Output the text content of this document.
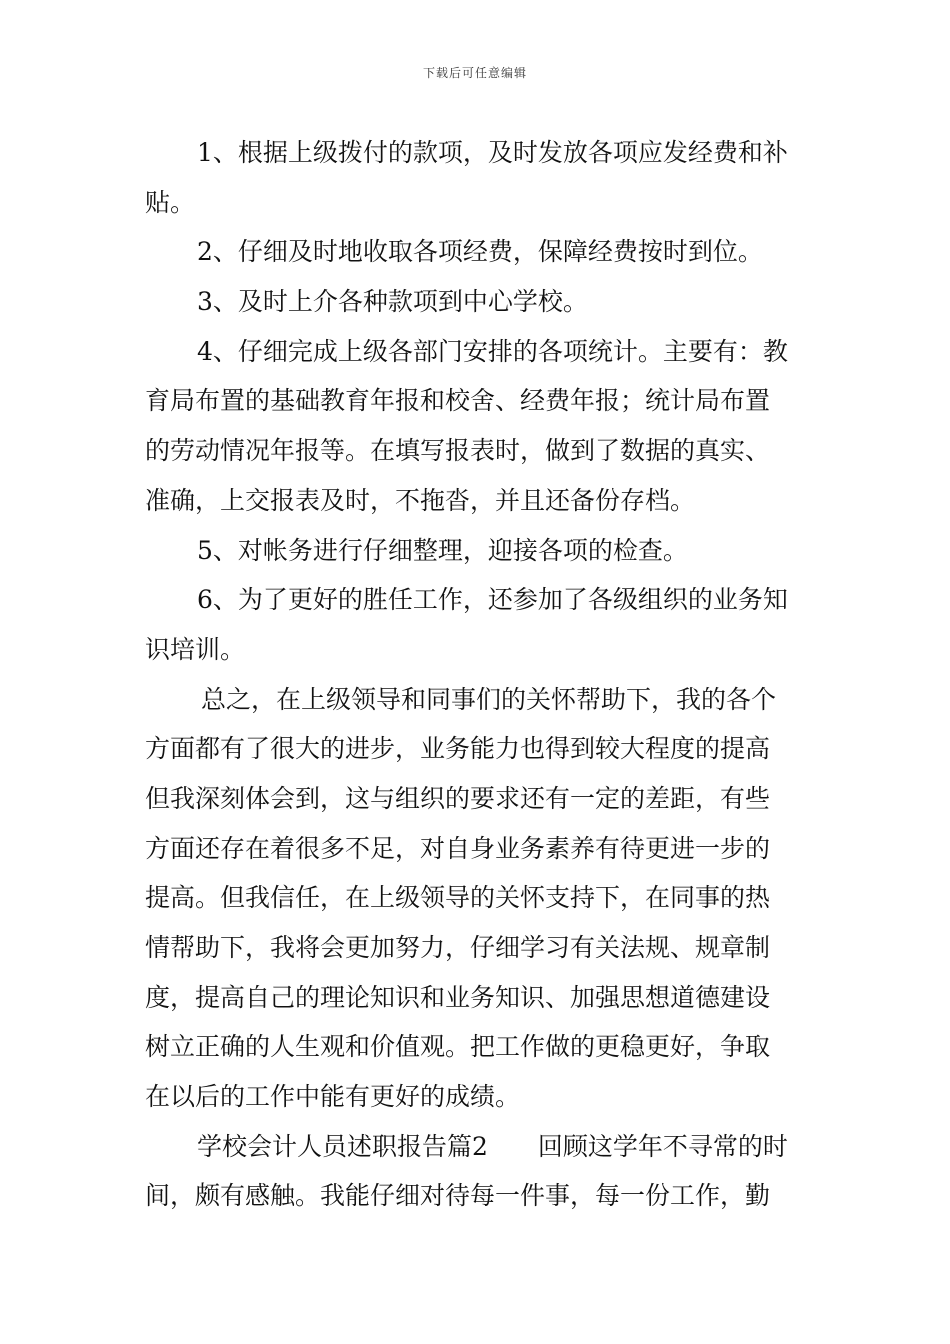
下载后可任意编辑
1、根据上级拨付的款项，及时发放各项应发经费和补
贴。
2、仔细及时地收取各项经费，保障经费按时到位。
3、及时上介各种款项到中心学校。
4、仔细完成上级各部门安排的各项统计。主要有：教
育局布置的基础教育年报和校舍、经费年报；统计局布置
的劳动情况年报等。在填写报表时，做到了数据的真实、
准确，上交报表及时，不拖沓，并且还备份存档。
5、对帐务进行仔细整理，迎接各项的检查。
6、为了更好的胜任工作，还参加了各级组织的业务知
识培训。
总之，在上级领导和同事们的关怀帮助下，我的各个
方面都有了很大的进步，业务能力也得到较大程度的提高
但我深刻体会到，这与组织的要求还有一定的差距，有些
方面还存在着很多不足，对自身业务素养有待更进一步的
提高。但我信任，在上级领导的关怀支持下，在同事的热
情帮助下，我将会更加努力，仔细学习有关法规、规章制
度，提高自己的理论知识和业务知识、加强思想道德建设
树立正确的人生观和价值观。把工作做的更稳更好，争取
在以后的工作中能有更好的成绩。
学校会计人员述职报告篇2 回顾这学年不寻常的时
间，颇有感触。我能仔细对待每一件事，每一份工作，勤
